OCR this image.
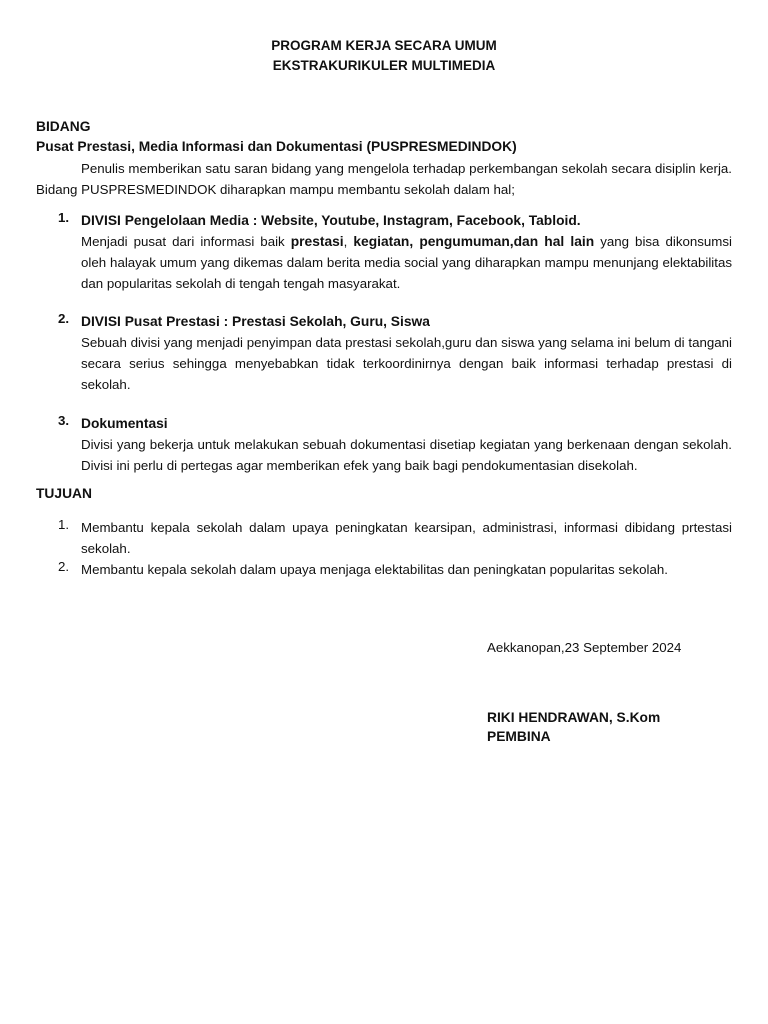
PROGRAM KERJA SECARA UMUM
EKSTRAKURIKULER MULTIMEDIA
BIDANG
Pusat Prestasi, Media Informasi dan Dokumentasi (PUSPRESMEDINDOK)
Penulis memberikan satu saran bidang yang mengelola terhadap perkembangan sekolah secara disiplin kerja. Bidang PUSPRESMEDINDOK diharapkan mampu membantu sekolah dalam hal;
1. DIVISI Pengelolaan Media : Website, Youtube, Instagram, Facebook, Tabloid.
Menjadi pusat dari informasi baik prestasi, kegiatan, pengumuman,dan hal lain yang bisa dikonsumsi oleh halayak umum yang dikemas dalam berita media social yang diharapkan mampu menunjang elektabilitas dan popularitas sekolah di tengah tengah masyarakat.
2. DIVISI Pusat Prestasi : Prestasi Sekolah, Guru, Siswa
Sebuah divisi yang menjadi penyimpan data prestasi sekolah,guru dan siswa yang selama ini belum di tangani secara serius sehingga menyebabkan tidak terkoordinirnya dengan baik informasi terhadap prestasi di sekolah.
3. Dokumentasi
Divisi yang bekerja untuk melakukan sebuah dokumentasi disetiap kegiatan yang berkenaan dengan sekolah. Divisi ini perlu di pertegas agar memberikan efek yang baik bagi pendokumentasian disekolah.
TUJUAN
1. Membantu kepala sekolah dalam upaya peningkatan kearsipan, administrasi, informasi dibidang prtestasi sekolah.
2. Membantu kepala sekolah dalam upaya menjaga elektabilitas dan peningkatan popularitas sekolah.
Aekkanopan,23 September 2024
RIKI HENDRAWAN, S.Kom
PEMBINA
